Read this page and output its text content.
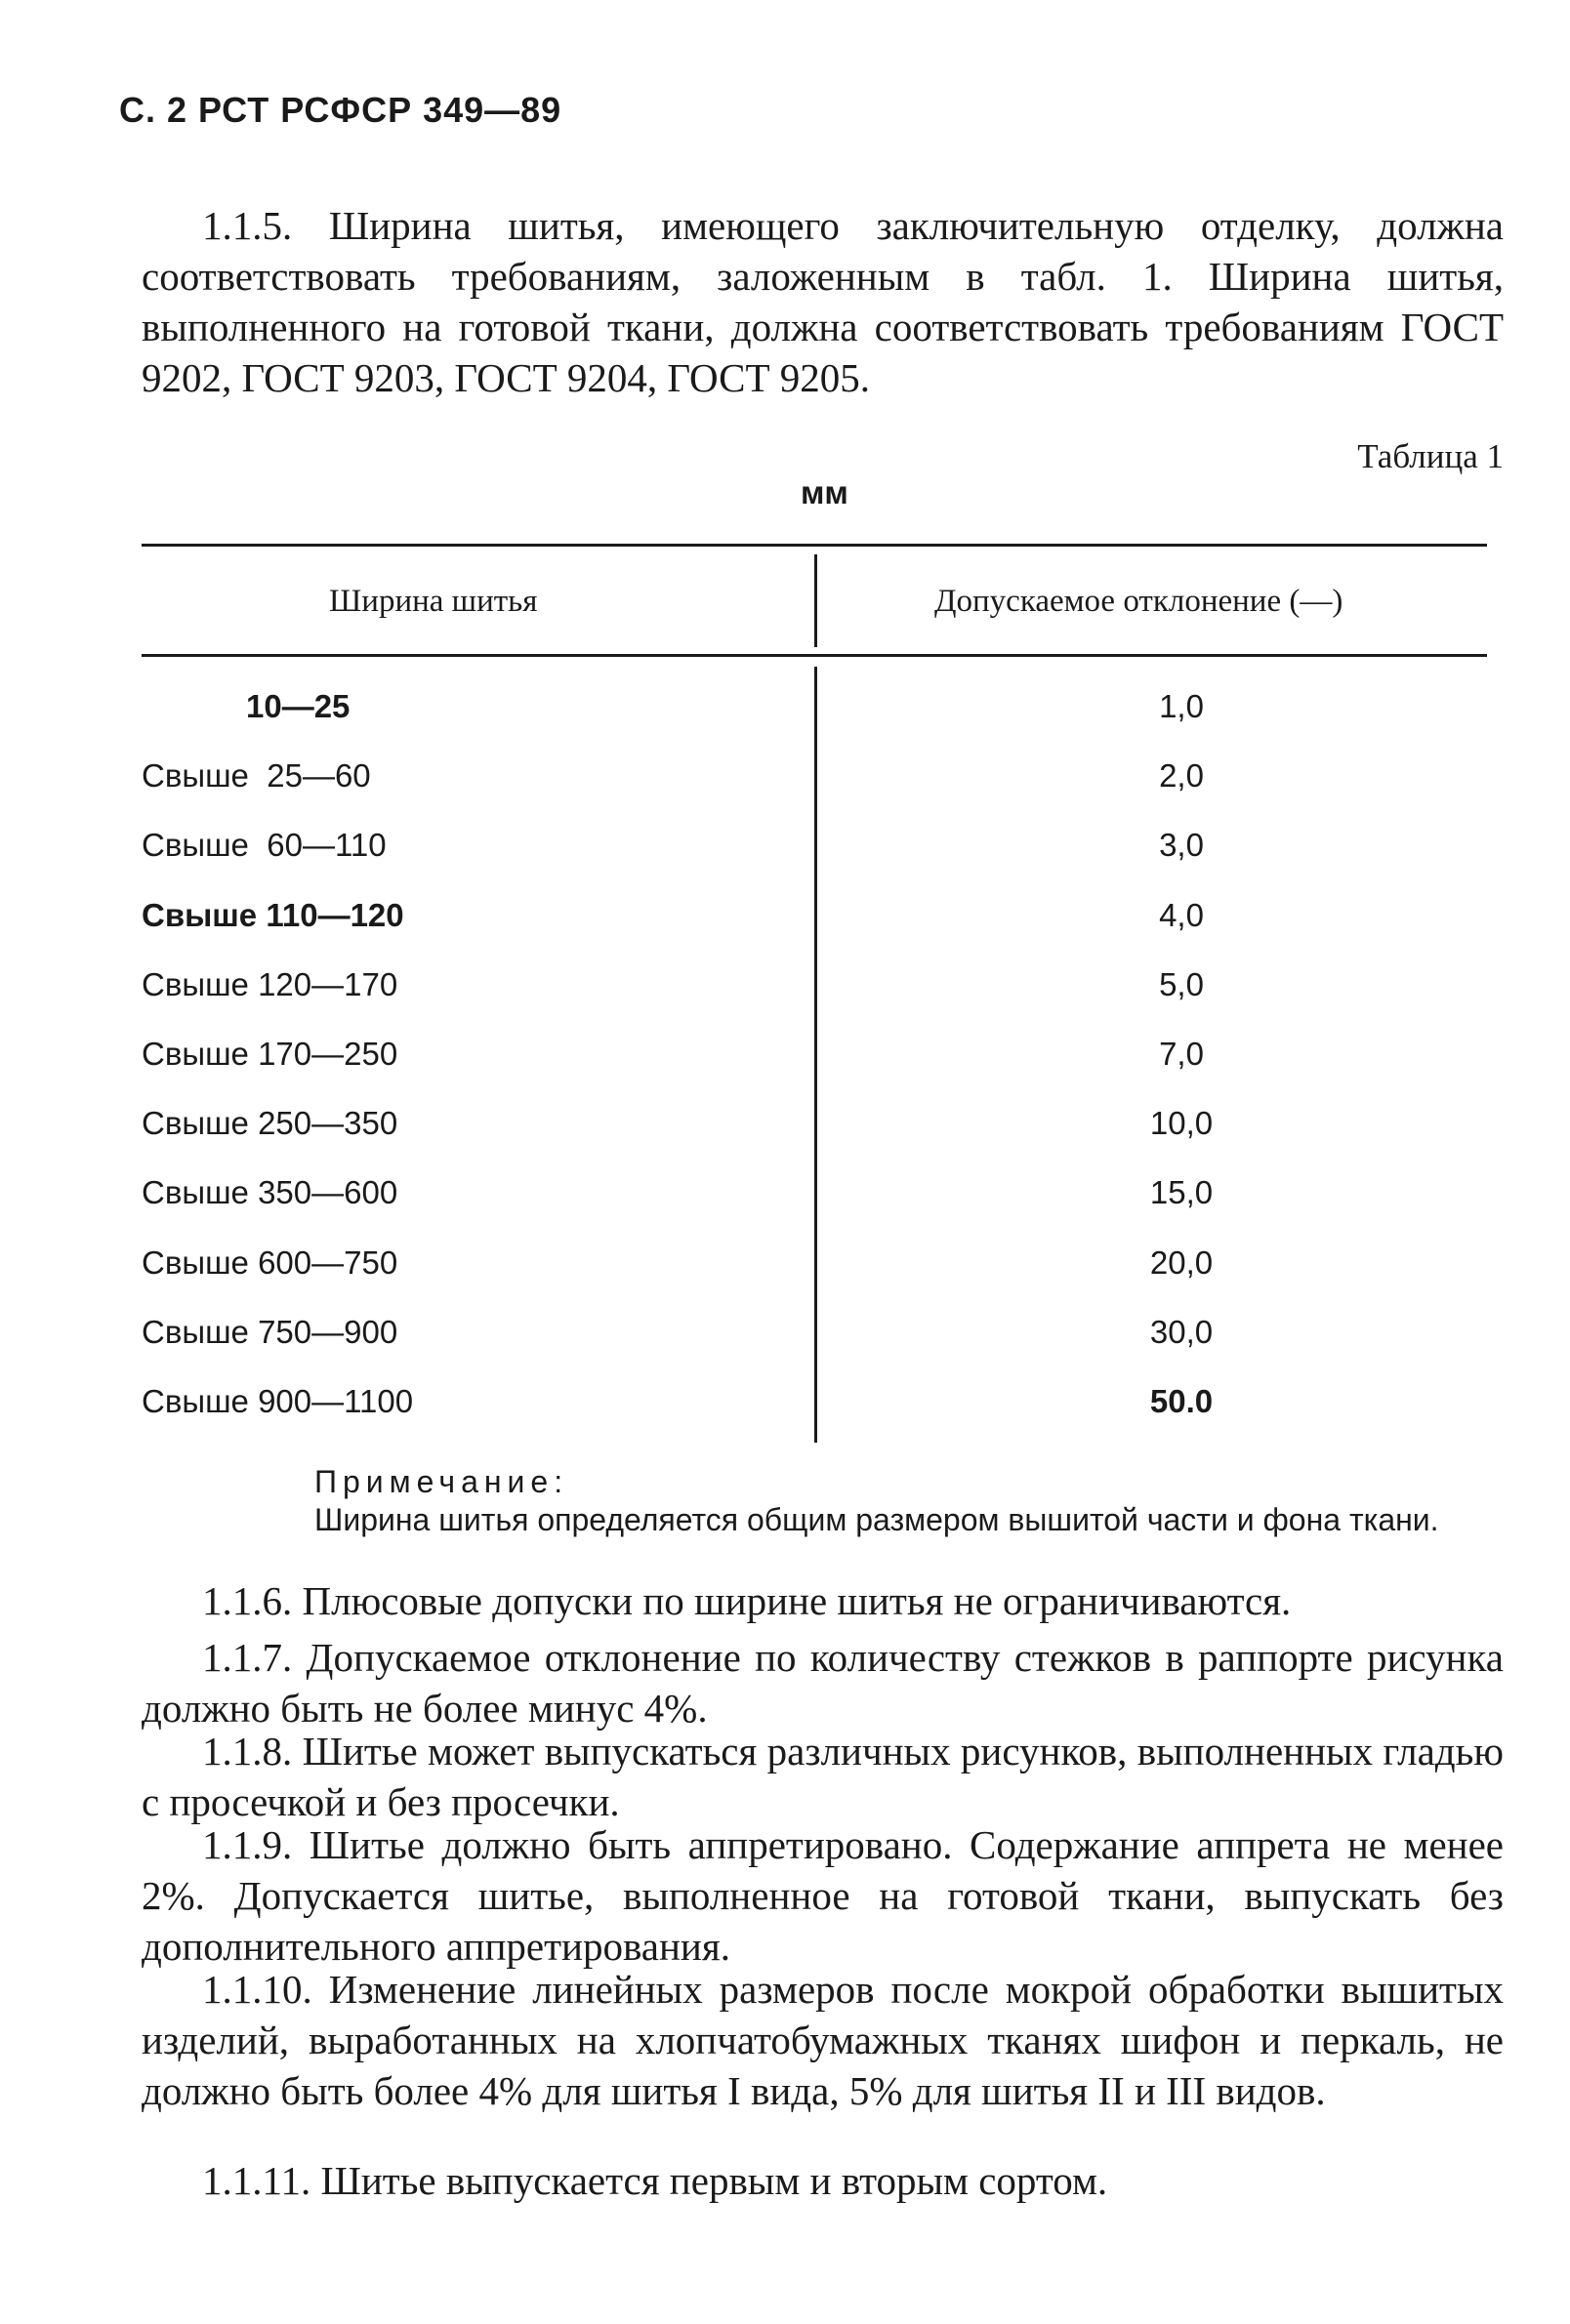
С. 2 РСТ РСФСР 349—89
1.1.5. Ширина шитья, имеющего заключительную отделку, должна соответствовать требованиям, заложенным в табл. 1. Ширина шитья, выполненного на готовой ткани, должна соответствовать требованиям ГОСТ 9202, ГОСТ 9203, ГОСТ 9204, ГОСТ 9205.
Таблица 1
мм
Ширина шитья	Допускаемое отклонение (—)
10—25	1,0
Свыше  25—60	2,0
Свыше  60—110	3,0
Свыше 110—120	4,0
Свыше 120—170	5,0
Свыше 170—250	7,0
Свыше 250—350	10,0
Свыше 350—600	15,0
Свыше 600—750	20,0
Свыше 750—900	30,0
Свыше 900—1100	50.0
Примечание:
Ширина шитья определяется общим размером вышитой части и фона ткани.
1.1.6. Плюсовые допуски по ширине шитья не ограничиваются.
1.1.7. Допускаемое отклонение по количеству стежков в раппорте рисунка должно быть не более минус 4%.
1.1.8. Шитье может выпускаться различных рисунков, выполненных гладью с просечкой и без просечки.
1.1.9. Шитье должно быть аппретировано. Содержание аппрета не менее 2%. Допускается шитье, выполненное на готовой ткани, выпускать без дополнительного аппретирования.
1.1.10. Изменение линейных размеров после мокрой обработки вышитых изделий, выработанных на хлопчатобумажных тканях шифон и перкаль, не должно быть более 4% для шитья I вида, 5% для шитья II и III видов.
1.1.11. Шитье выпускается первым и вторым сортом.
